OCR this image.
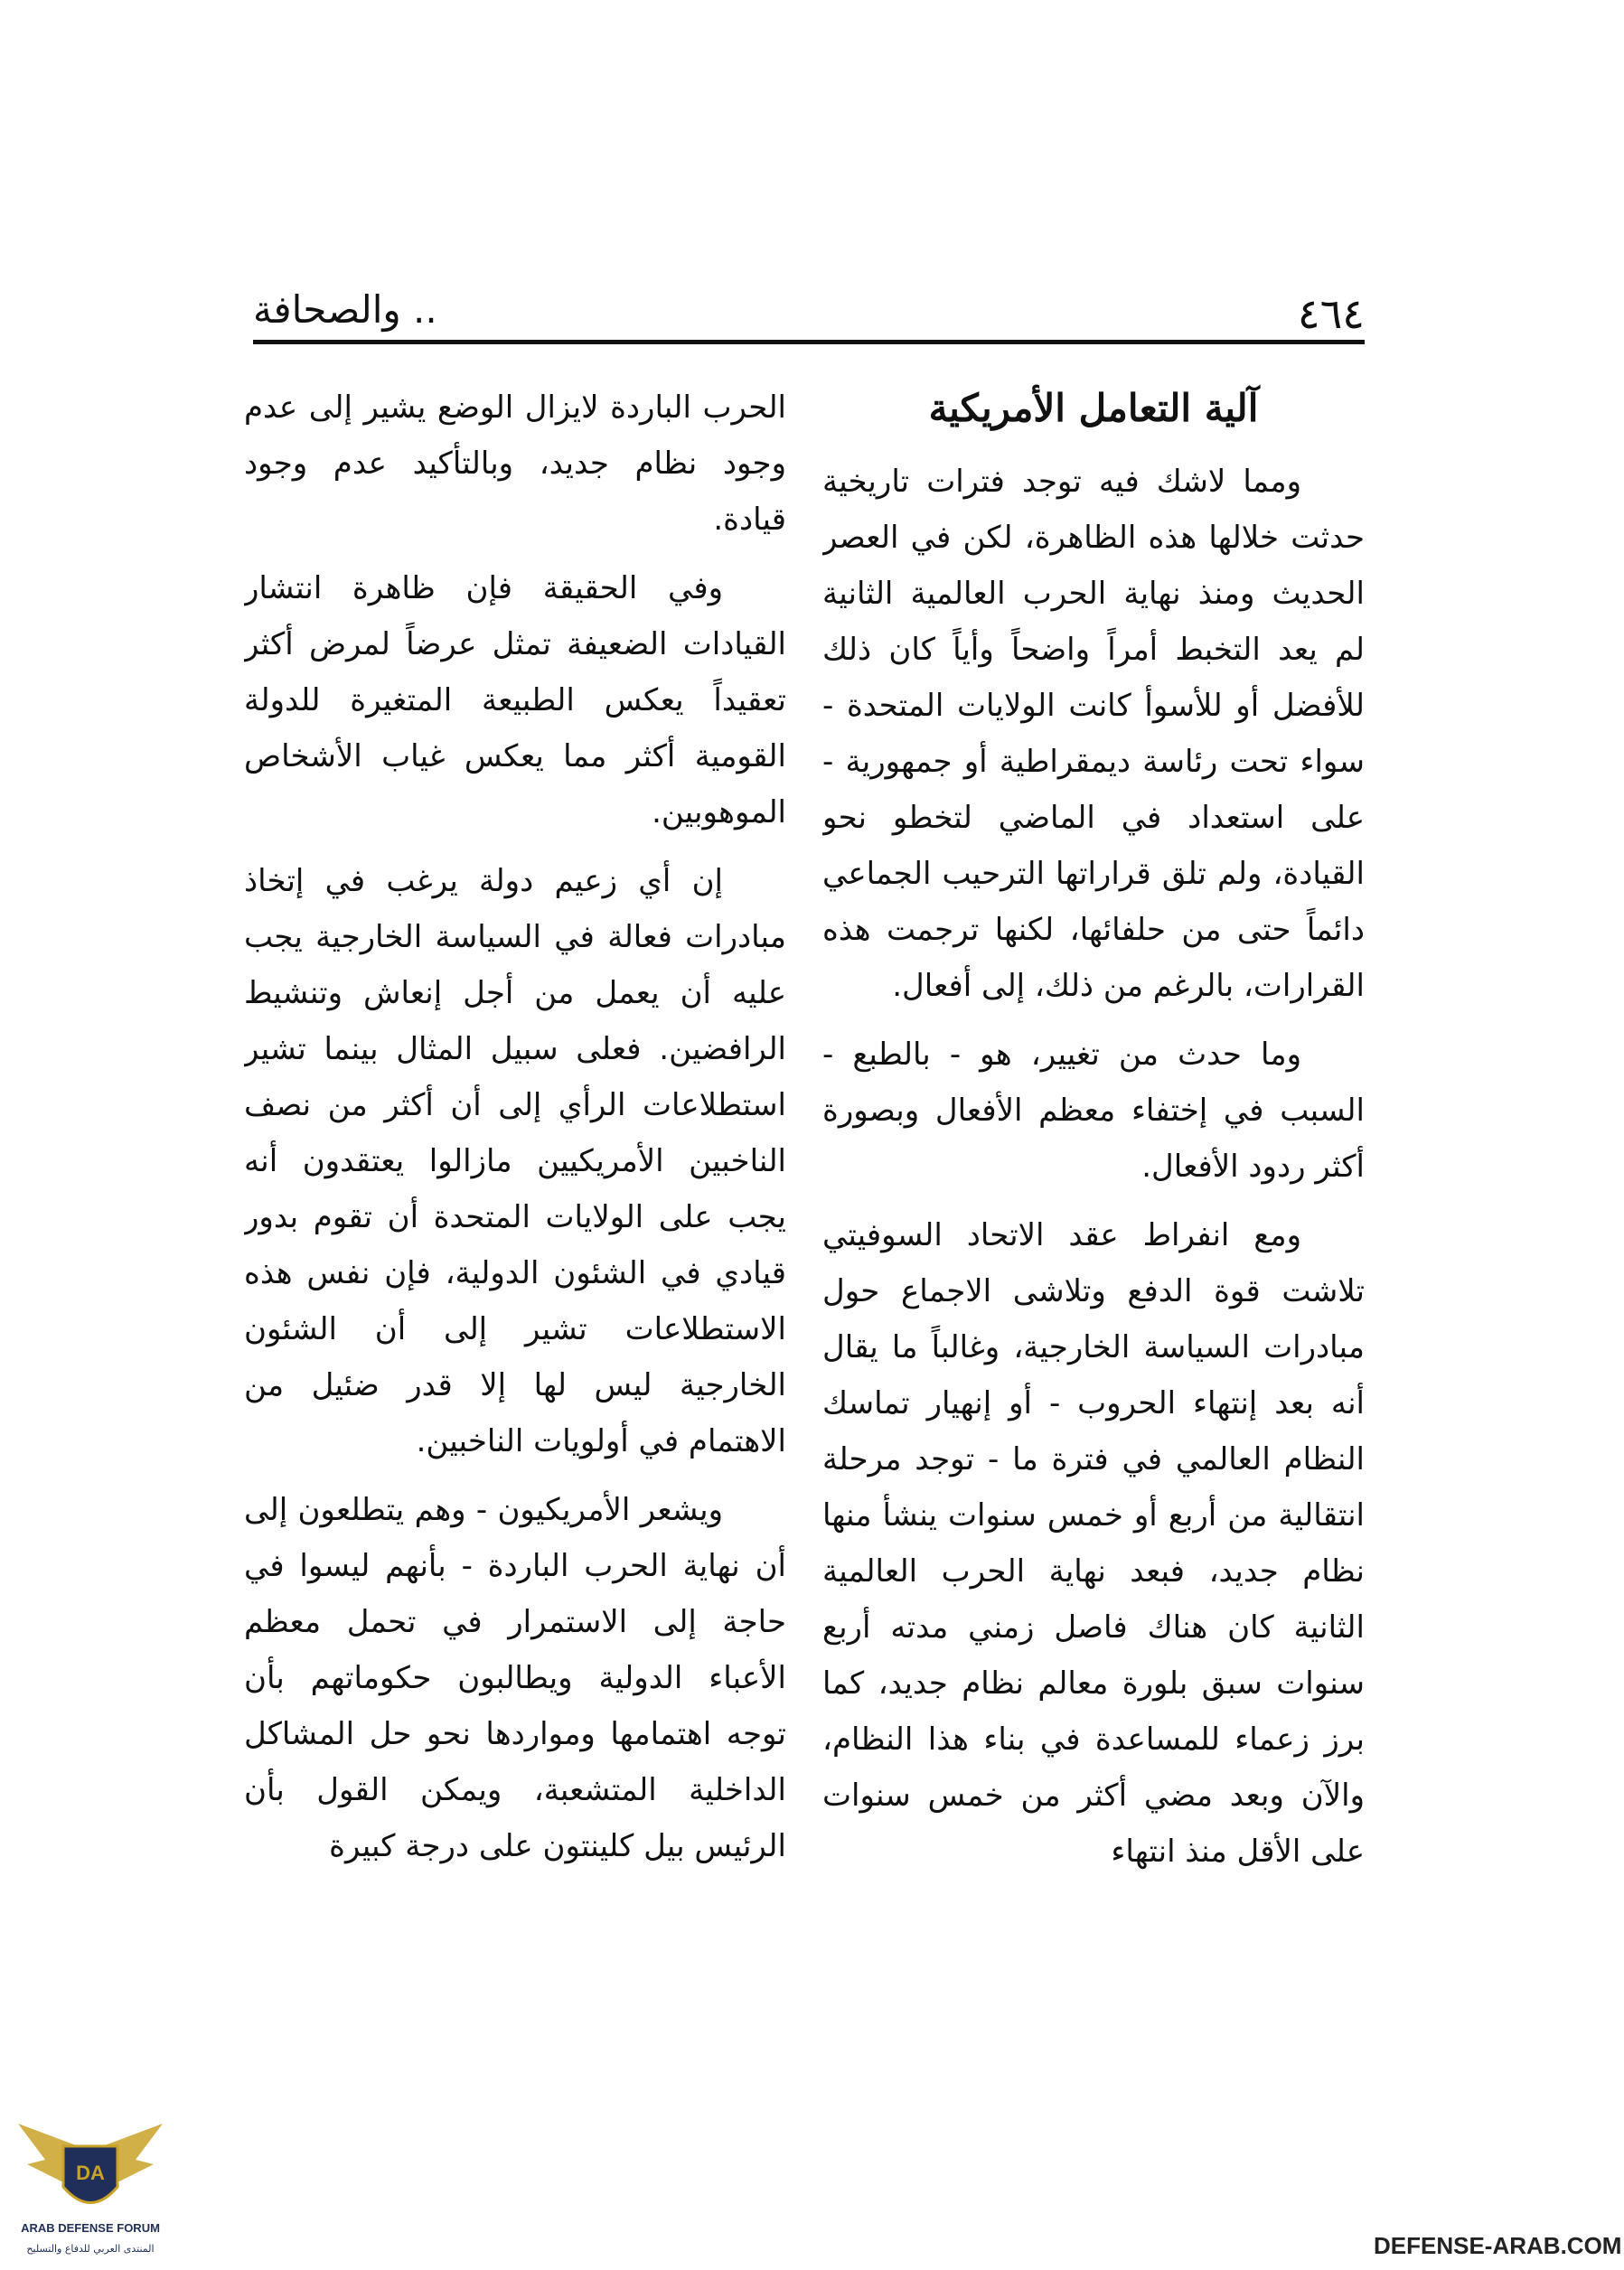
٤٦٤
.. والصحافة
آلية التعامل الأمريكية

ومما لاشك فيه توجد فترات تاريخية حدثت خلالها هذه الظاهرة، لكن في العصر الحديث ومنذ نهاية الحرب العالمية الثانية لم يعد التخبط أمراً واضحاً وأياً كان ذلك للأفضل أو للأسوأ كانت الولايات المتحدة - سواء تحت رئاسة ديمقراطية أو جمهورية - على استعداد في الماضي لتخطو نحو القيادة، ولم تلق قراراتها الترحيب الجماعي دائماً حتى من حلفائها، لكنها ترجمت هذه القرارات، بالرغم من ذلك، إلى أفعال.

وما حدث من تغيير، هو - بالطبع - السبب في إختفاء معظم الأفعال وبصورة أكثر ردود الأفعال.

ومع انفراط عقد الاتحاد السوفيتي تلاشت قوة الدفع وتلاشى الاجماع حول مبادرات السياسة الخارجية، وغالباً ما يقال أنه بعد إنتهاء الحروب - أو إنهيار تماسك النظام العالمي في فترة ما - توجد مرحلة انتقالية من أربع أو خمس سنوات ينشأ منها نظام جديد، فبعد نهاية الحرب العالمية الثانية كان هناك فاصل زمني مدته أربع سنوات سبق بلورة معالم نظام جديد، كما برز زعماء للمساعدة في بناء هذا النظام، والآن وبعد مضي أكثر من خمس سنوات على الأقل منذ انتهاء

الحرب الباردة لايزال الوضع يشير إلى عدم وجود نظام جديد، وبالتأكيد عدم وجود قيادة.

وفي الحقيقة فإن ظاهرة انتشار القيادات الضعيفة تمثل عرضاً لمرض أكثر تعقيداً يعكس الطبيعة المتغيرة للدولة القومية أكثر مما يعكس غياب الأشخاص الموهوبين.

إن أي زعيم دولة يرغب في إتخاذ مبادرات فعالة في السياسة الخارجية يجب عليه أن يعمل من أجل إنعاش وتنشيط الرافضين. فعلى سبيل المثال بينما تشير استطلاعات الرأي إلى أن أكثر من نصف الناخبين الأمريكيين مازالوا يعتقدون أنه يجب على الولايات المتحدة أن تقوم بدور قيادي في الشئون الدولية، فإن نفس هذه الاستطلاعات تشير إلى أن الشئون الخارجية ليس لها إلا قدر ضئيل من الاهتمام في أولويات الناخبين.

ويشعر الأمريكيون - وهم يتطلعون إلى أن نهاية الحرب الباردة - بأنهم ليسوا في حاجة إلى الاستمرار في تحمل معظم الأعباء الدولية ويطالبون حكوماتهم بأن توجه اهتمامها ومواردها نحو حل المشاكل الداخلية المتشعبة، ويمكن القول بأن الرئيس بيل كلينتون على درجة كبيرة

DA
ARAB DEFENSE FORUM
المنتدى العربي للدفاع والتسليح	DEFENSE-ARAB.COM
